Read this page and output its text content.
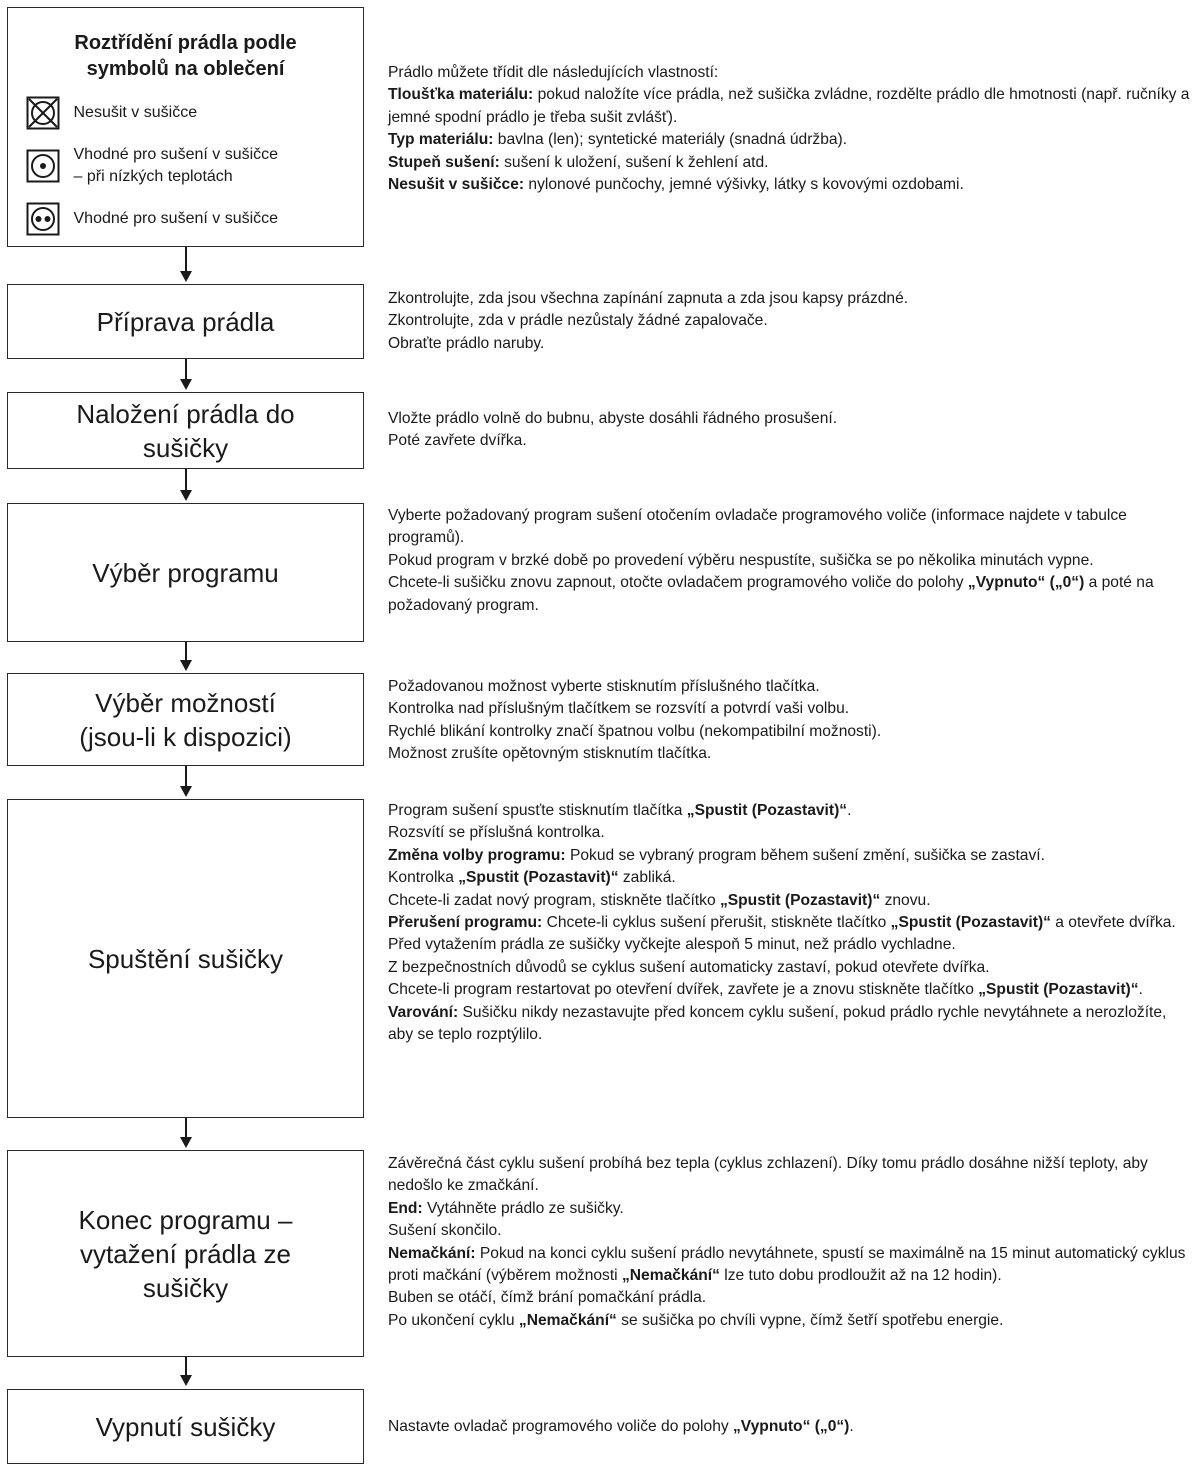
Roztřídění prádla podle
symbolů na oblečení
Nesušit v sušičce
Vhodné pro sušení v sušičce
– při nízkých teplotách
Vhodné pro sušení v sušičce
Prádlo můžete třídit dle následujících vlastností:
Tloušťka materiálu: pokud naložíte více prádla, než sušička zvládne, rozdělte prádlo dle hmotnosti (např. ručníky a jemné spodní prádlo je třeba sušit zvlášť).
Typ materiálu: bavlna (len); syntetické materiály (snadná údržba).
Stupeň sušení: sušení k uložení, sušení k žehlení atd.
Nesušit v sušičce: nylonové punčochy, jemné výšivky, látky s kovovými ozdobami.
Příprava prádla
Zkontrolujte, zda jsou všechna zapínání zapnuta a zda jsou kapsy prázdné.
Zkontrolujte, zda v prádle nezůstaly žádné zapalovače.
Obraťte prádlo naruby.
Naložení prádla do
sušičky
Vložte prádlo volně do bubnu, abyste dosáhli řádného prosušení.
Poté zavřete dvířka.
Výběr programu
Vyberte požadovaný program sušení otočením ovladače programového voliče (informace najdete v tabulce programů).
Pokud program v brzké době po provedení výběru nespustíte, sušička se po několika minutách vypne.
Chcete-li sušičku znovu zapnout, otočte ovladačem programového voliče do polohy „Vypnuto“ („0“) a poté na požadovaný program.
Výběr možností
(jsou-li k dispozici)
Požadovanou možnost vyberte stisknutím příslušného tlačítka.
Kontrolka nad příslušným tlačítkem se rozsvítí a potvrdí vaši volbu.
Rychlé blikání kontrolky značí špatnou volbu (nekompatibilní možnosti).
Možnost zrušíte opětovným stisknutím tlačítka.
Spuštění sušičky
Program sušení spusťte stisknutím tlačítka „Spustit (Pozastavit)“.
Rozsvítí se příslušná kontrolka.
Změna volby programu: Pokud se vybraný program během sušení změní, sušička se zastaví.
Kontrolka „Spustit (Pozastavit)“ zabliká.
Chcete-li zadat nový program, stiskněte tlačítko „Spustit (Pozastavit)“ znovu.
Přerušení programu: Chcete-li cyklus sušení přerušit, stiskněte tlačítko „Spustit (Pozastavit)“ a otevřete dvířka.
Před vytažením prádla ze sušičky vyčkejte alespoň 5 minut, než prádlo vychladne.
Z bezpečnostních důvodů se cyklus sušení automaticky zastaví, pokud otevřete dvířka.
Chcete-li program restartovat po otevření dvířek, zavřete je a znovu stiskněte tlačítko „Spustit (Pozastavit)“.
Varování: Sušičku nikdy nezastavujte před koncem cyklu sušení, pokud prádlo rychle nevytáhnete a nerozložíte, aby se teplo rozptýlilo.
Konec programu –
vytažení prádla ze
sušičky
Závěrečná část cyklu sušení probíhá bez tepla (cyklus zchlazení). Díky tomu prádlo dosáhne nižší teploty, aby nedošlo ke zmačkání.
End: Vytáhněte prádlo ze sušičky.
Sušení skončilo.
Nemačkání: Pokud na konci cyklu sušení prádlo nevytáhnete, spustí se maximálně na 15 minut automatický cyklus proti mačkání (výběrem možnosti „Nemačkání“ lze tuto dobu prodloužit až na 12 hodin).
Buben se otáčí, čímž brání pomačkání prádla.
Po ukončení cyklu „Nemačkání“ se sušička po chvíli vypne, čímž šetří spotřebu energie.
Vypnutí sušičky	Nastavte ovladač programového voliče do polohy „Vypnuto“ („0“).
